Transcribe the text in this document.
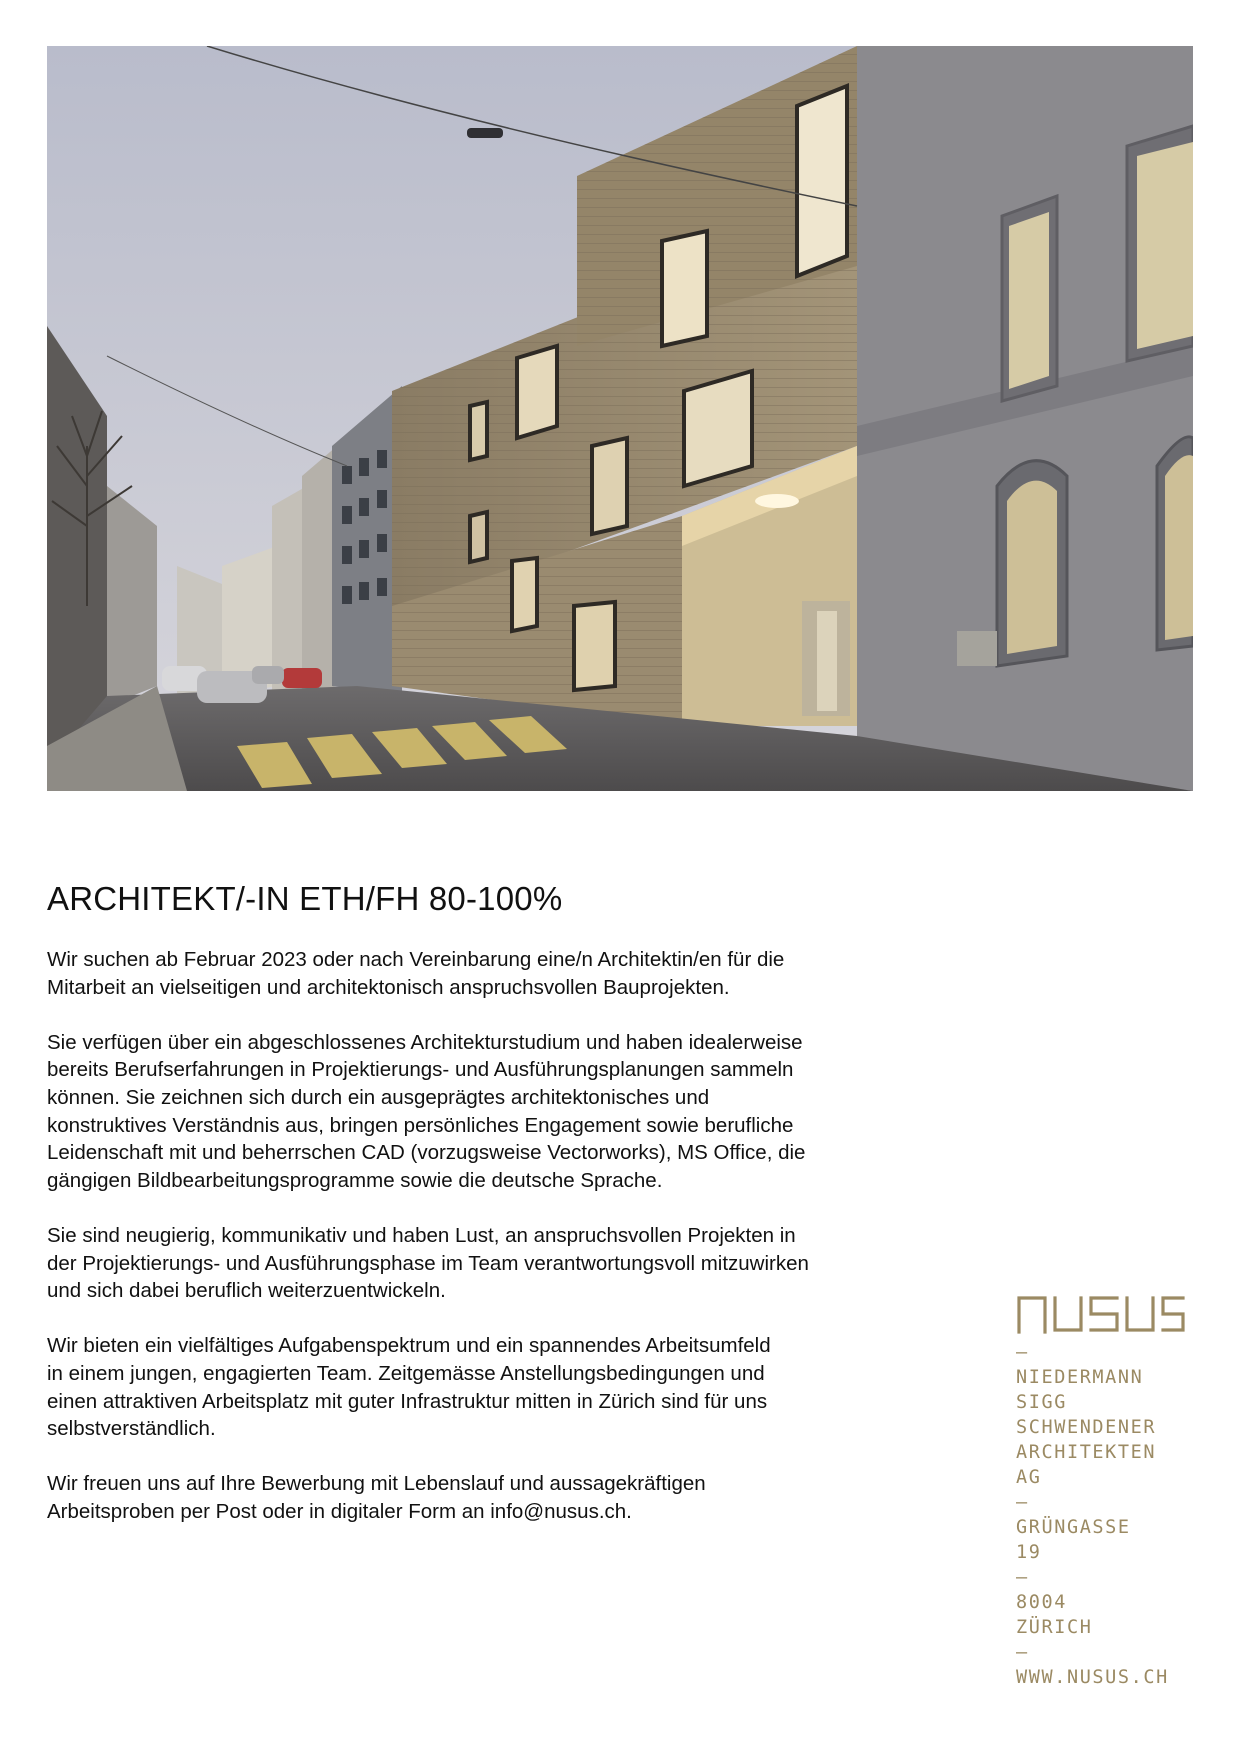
ARCHITEKT/-IN ETH/FH 80-100%

Wir suchen ab Februar 2023 oder nach Vereinbarung eine/n Architektin/en für die
Mitarbeit an vielseitigen und architektonisch anspruchsvollen Bauprojekten.

Sie verfügen über ein abgeschlossenes Architekturstudium und haben idealerweise
bereits Berufserfahrungen in Projektierungs- und Ausführungsplanungen sammeln
können. Sie zeichnen sich durch ein ausgeprägtes architektonisches und
konstruktives Verständnis aus, bringen persönliches Engagement sowie berufliche
Leidenschaft mit und beherrschen CAD (vorzugsweise Vectorworks), MS Office, die
gängigen Bildbearbeitungsprogramme sowie die deutsche Sprache.

Sie sind neugierig, kommunikativ und haben Lust, an anspruchsvollen Projekten in
der Projektierungs- und Ausführungsphase im Team verantwortungsvoll mitzuwirken
und sich dabei beruflich weiterzuentwickeln.

Wir bieten ein vielfältiges Aufgabenspektrum und ein spannendes Arbeitsumfeld
in einem jungen, engagierten Team. Zeitgemässe Anstellungsbedingungen und
einen attraktiven Arbeitsplatz mit guter Infrastruktur mitten in Zürich sind für uns
selbstverständlich.

Wir freuen uns auf Ihre Bewerbung mit Lebenslauf und aussagekräftigen
Arbeitsproben per Post oder in digitaler Form an info@nusus.ch.

—
NIEDERMANN
SIGG
SCHWENDENER
ARCHITEKTEN
AG
—
GRÜNGASSE
19
—
8004
ZÜRICH
—
WWW.NUSUS.CH
